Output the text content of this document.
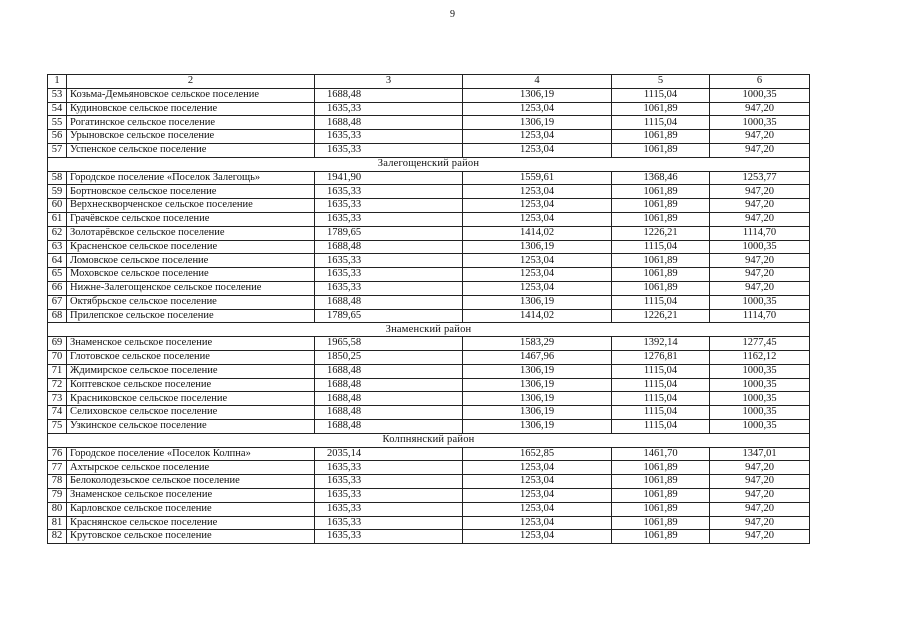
9
1	2	3	4	5	6
53	Козьма-Демьяновское сельское поселение	1688,48	1306,19	1115,04	1000,35
54	Кудиновское сельское поселение	1635,33	1253,04	1061,89	947,20
55	Рогатинское сельское поселение	1688,48	1306,19	1115,04	1000,35
56	Урыновское сельское поселение	1635,33	1253,04	1061,89	947,20
57	Успенское сельское поселение	1635,33	1253,04	1061,89	947,20
Залегощенский район					
58	Городское поселение «Поселок Залегощь»	1941,90	1559,61	1368,46	1253,77
59	Бортновское сельское поселение	1635,33	1253,04	1061,89	947,20
60	Верхнескворченское сельское поселение	1635,33	1253,04	1061,89	947,20
61	Грачёвское сельское поселение	1635,33	1253,04	1061,89	947,20
62	Золотарёвское сельское поселение	1789,65	1414,02	1226,21	1114,70
63	Красненское сельское поселение	1688,48	1306,19	1115,04	1000,35
64	Ломовское сельское поселение	1635,33	1253,04	1061,89	947,20
65	Моховское сельское поселение	1635,33	1253,04	1061,89	947,20
66	Нижне-Залегощенское сельское поселение	1635,33	1253,04	1061,89	947,20
67	Октябрьское сельское поселение	1688,48	1306,19	1115,04	1000,35
68	Прилепское сельское поселение	1789,65	1414,02	1226,21	1114,70
Знаменский район					
69	Знаменское сельское поселение	1965,58	1583,29	1392,14	1277,45
70	Глотовское сельское поселение	1850,25	1467,96	1276,81	1162,12
71	Ждимирское сельское поселение	1688,48	1306,19	1115,04	1000,35
72	Коптевское сельское поселение	1688,48	1306,19	1115,04	1000,35
73	Красниковское сельское поселение	1688,48	1306,19	1115,04	1000,35
74	Селиховское сельское поселение	1688,48	1306,19	1115,04	1000,35
75	Узкинское сельское поселение	1688,48	1306,19	1115,04	1000,35
Колпнянский район					
76	Городское поселение «Поселок Колпна»	2035,14	1652,85	1461,70	1347,01
77	Ахтырское сельское поселение	1635,33	1253,04	1061,89	947,20
78	Белоколодезьское сельское поселение	1635,33	1253,04	1061,89	947,20
79	Знаменское сельское поселение	1635,33	1253,04	1061,89	947,20
80	Карловское сельское поселение	1635,33	1253,04	1061,89	947,20
81	Краснянское сельское поселение	1635,33	1253,04	1061,89	947,20
82	Крутовское сельское поселение	1635,33	1253,04	1061,89	947,20
